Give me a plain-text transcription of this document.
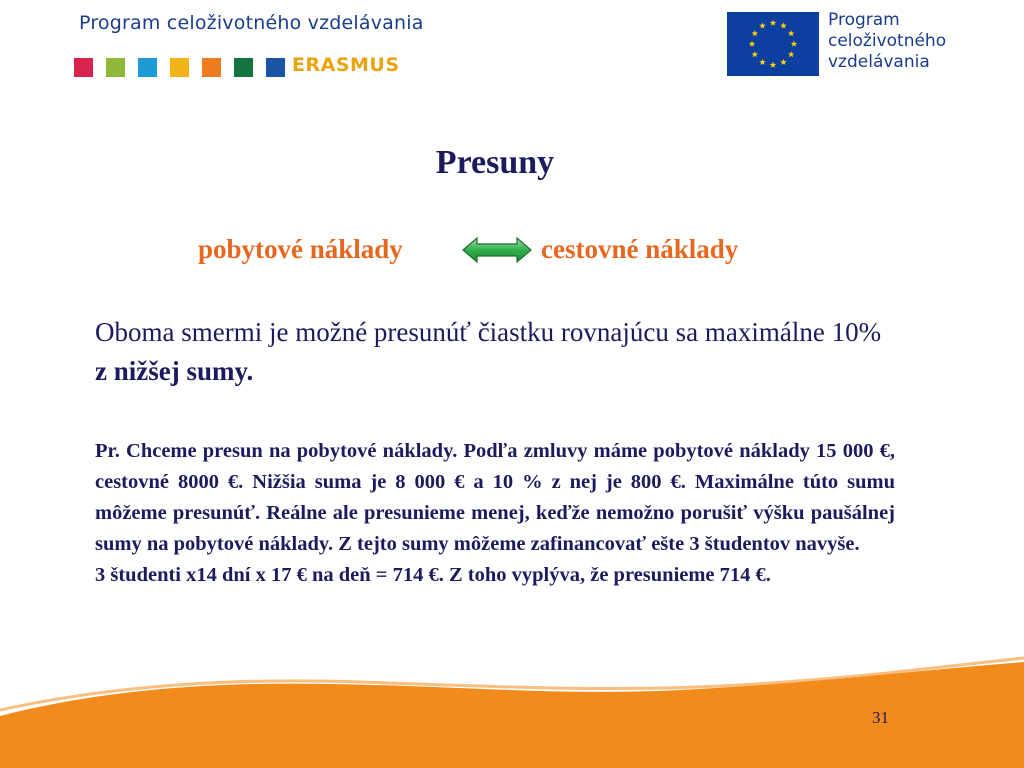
Program celoživotného vzdelávania
ERASMUS
Program
celoživotného
vzdelávania
Presuny
pobytové náklady	cestovné náklady
Oboma smermi je možné presunúť čiastku rovnajúcu sa maximálne 10% z nižšej sumy.

Pr. Chceme presun na pobytové náklady. Podľa zmluvy máme pobytové náklady 15 000 €, cestovné 8000 €. Nižšia suma je 8 000 € a 10 % z nej je 800 €. Maximálne túto sumu môžeme presunúť. Reálne ale presunieme menej, keďže nemožno porušiť výšku paušálnej sumy na pobytové náklady. Z tejto sumy môžeme zafinancovať ešte 3 študentov navyše.

3 študenti x14 dní x 17 € na deň = 714 €. Z toho vyplýva, že presunieme 714 €.

31
